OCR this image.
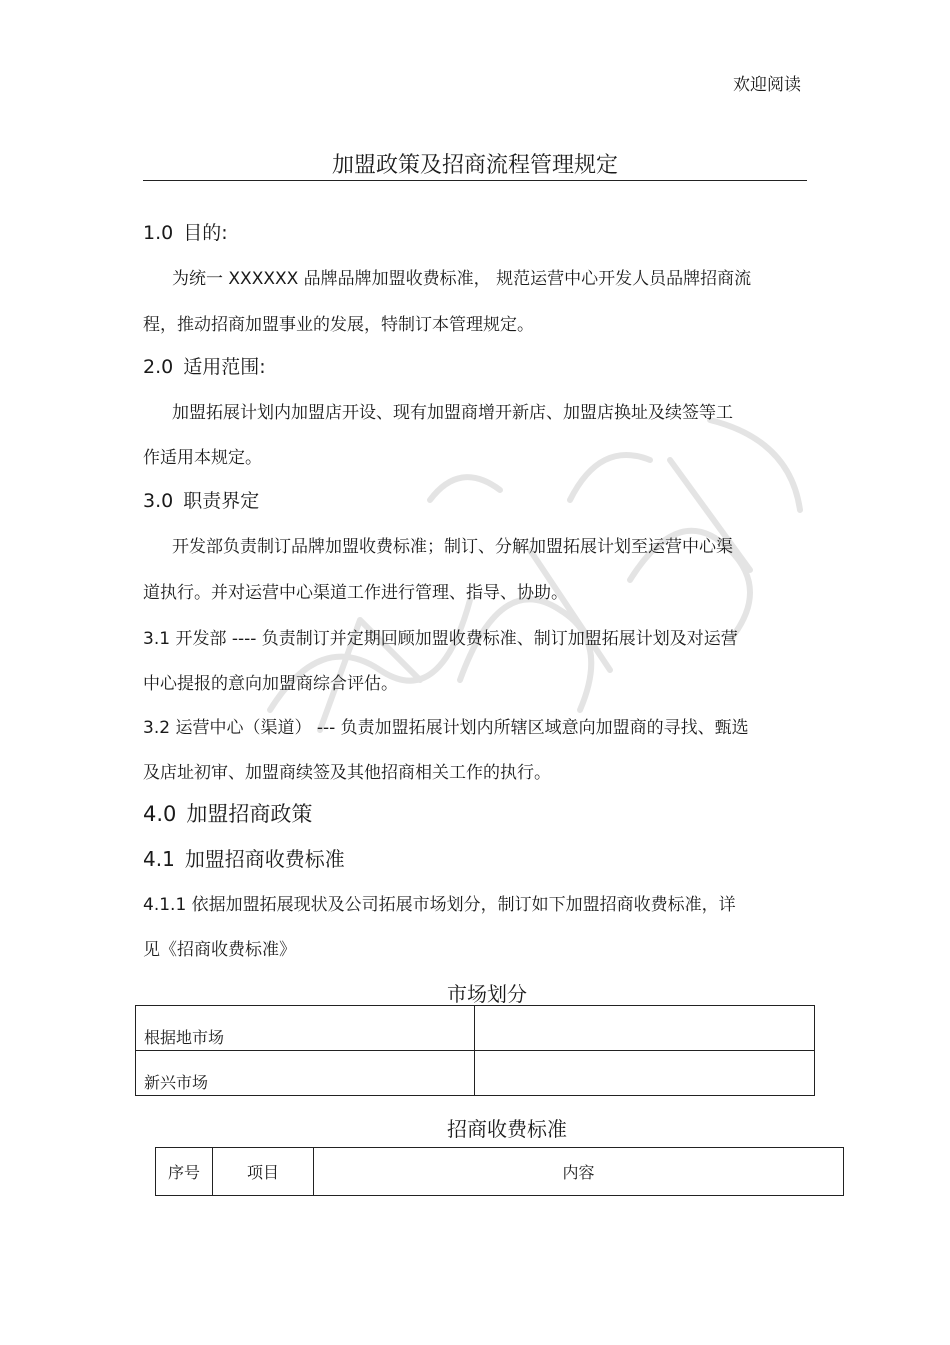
欢迎阅读
加盟政策及招商流程管理规定
1.0 目的:
为统一 XXXXXX 品牌品牌加盟收费标准， 规范运营中心开发人员品牌招商流
程，推动招商加盟事业的发展，特制订本管理规定。
2.0 适用范围:
加盟拓展计划内加盟店开设、现有加盟商增开新店、加盟店换址及续签等工
作适用本规定。
3.0 职责界定
开发部负责制订品牌加盟收费标准；制订、分解加盟拓展计划至运营中心渠
道执行。并对运营中心渠道工作进行管理、指导、协助。
3.1 开发部 ---- 负责制订并定期回顾加盟收费标准、制订加盟拓展计划及对运营
中心提报的意向加盟商综合评估。
3.2 运营中心（渠道） --- 负责加盟拓展计划内所辖区域意向加盟商的寻找、甄选
及店址初审、加盟商续签及其他招商相关工作的执行。
4.0 加盟招商政策
4.1 加盟招商收费标准
4.1.1 依据加盟拓展现状及公司拓展市场划分，制订如下加盟招商收费标准，详
见《招商收费标准》
市场划分
根据地市场	
新兴市场	
招商收费标准
序号	项目	内容
